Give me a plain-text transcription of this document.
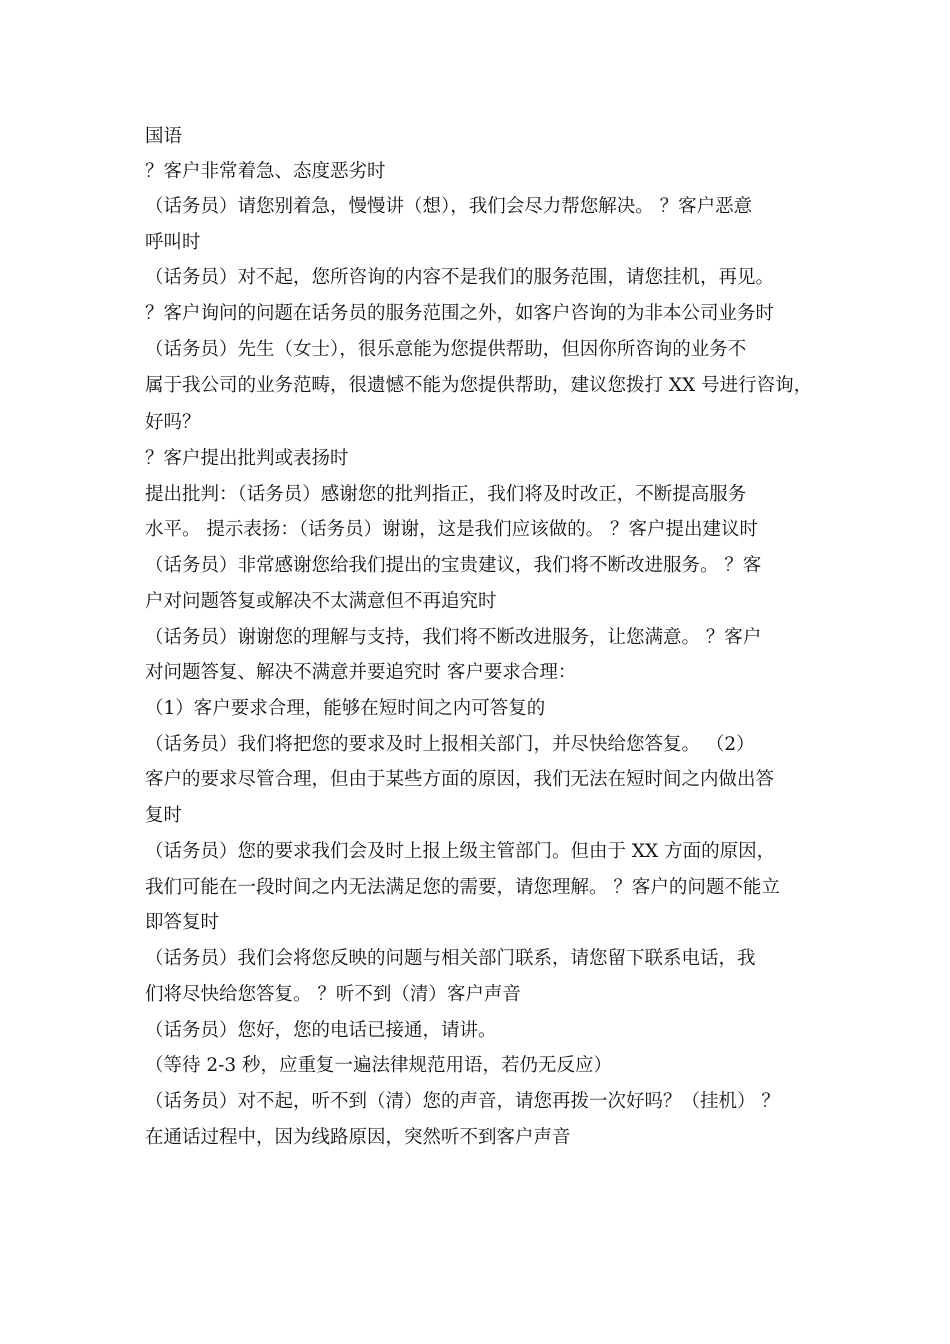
国语
？客户非常着急、态度恶劣时
（话务员）请您别着急，慢慢讲（想），我们会尽力帮您解决。 ？客户恶意
呼叫时
（话务员）对不起，您所咨询的内容不是我们的服务范围，请您挂机，再见。
？客户询问的问题在话务员的服务范围之外，如客户咨询的为非本公司业务时
（话务员）先生（女士），很乐意能为您提供帮助，但因你所咨询的业务不
属于我公司的业务范畴，很遗憾不能为您提供帮助，建议您拨打 XX 号进行咨询，
好吗？
？客户提出批判或表扬时
提出批判：（话务员）感谢您的批判指正，我们将及时改正，不断提高服务
水平。 提示表扬：（话务员）谢谢，这是我们应该做的。 ？客户提出建议时
（话务员）非常感谢您给我们提出的宝贵建议，我们将不断改进服务。 ？客
户对问题答复或解决不太满意但不再追究时
（话务员）谢谢您的理解与支持，我们将不断改进服务，让您满意。 ？客户
对问题答复、解决不满意并要追究时 客户要求合理：
（1）客户要求合理，能够在短时间之内可答复的
（话务员）我们将把您的要求及时上报相关部门，并尽快给您答复。 （2）
客户的要求尽管合理，但由于某些方面的原因，我们无法在短时间之内做出答
复时
（话务员）您的要求我们会及时上报上级主管部门。但由于 XX 方面的原因，
我们可能在一段时间之内无法满足您的需要，请您理解。 ？客户的问题不能立
即答复时
（话务员）我们会将您反映的问题与相关部门联系，请您留下联系电话，我
们将尽快给您答复。 ？听不到（清）客户声音
（话务员）您好，您的电话已接通，请讲。
（等待 2-3 秒，应重复一遍法律规范用语，若仍无反应）
（话务员）对不起，听不到（清）您的声音，请您再拨一次好吗？（挂机） ？
在通话过程中，因为线路原因，突然听不到客户声音
